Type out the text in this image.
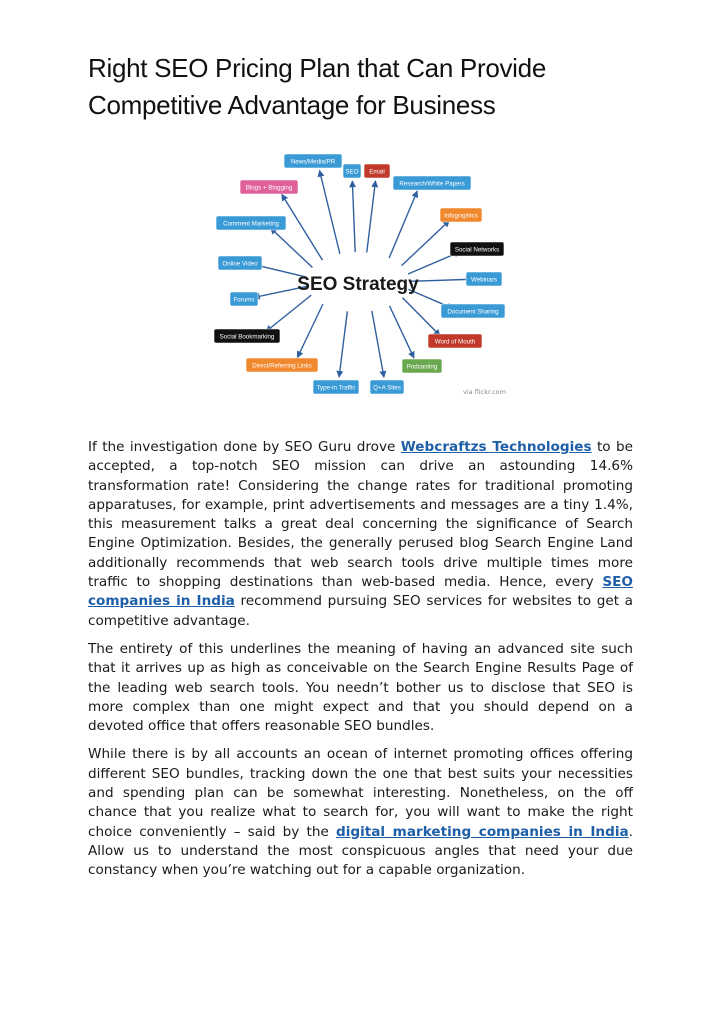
Right SEO Pricing Plan that Can Provide
Competitive Advantage for Business
News/Media/PR
SEO Email
Research/White Papers
Blogs + Blogging
Infographics
Comment Marketing
Social Networks
Online Video
Webinars
Forums
Document Sharing
Social Bookmarking
Word of Mouth
Direct/Referring Links	Podcasting
Type-in Traffic	Q+A Sites
SEO Strategy
via flickr.com

If the investigation done by SEO Guru drove Webcraftzs Technologies to be accepted, a top-notch SEO mission can drive an astounding 14.6% transformation rate! Considering the change rates for traditional promoting apparatuses, for example, print advertisements and messages are a tiny 1.4%, this measurement talks a great deal concerning the significance of Search Engine Optimization. Besides, the generally perused blog Search Engine Land additionally recommends that web search tools drive multiple times more traffic to shopping destinations than web-based media. Hence, every SEO companies in India recommend pursuing SEO services for websites to get a competitive advantage.

The entirety of this underlines the meaning of having an advanced site such that it arrives up as high as conceivable on the Search Engine Results Page of the leading web search tools. You needn’t bother us to disclose that SEO is more complex than one might expect and that you should depend on a devoted office that offers reasonable SEO bundles.

While there is by all accounts an ocean of internet promoting offices offering different SEO bundles, tracking down the one that best suits your necessities and spending plan can be somewhat interesting. Nonetheless, on the off chance that you realize what to search for, you will want to make the right choice conveniently – said by the digital marketing companies in India. Allow us to understand the most conspicuous angles that need your due constancy when you’re watching out for a capable organization.
